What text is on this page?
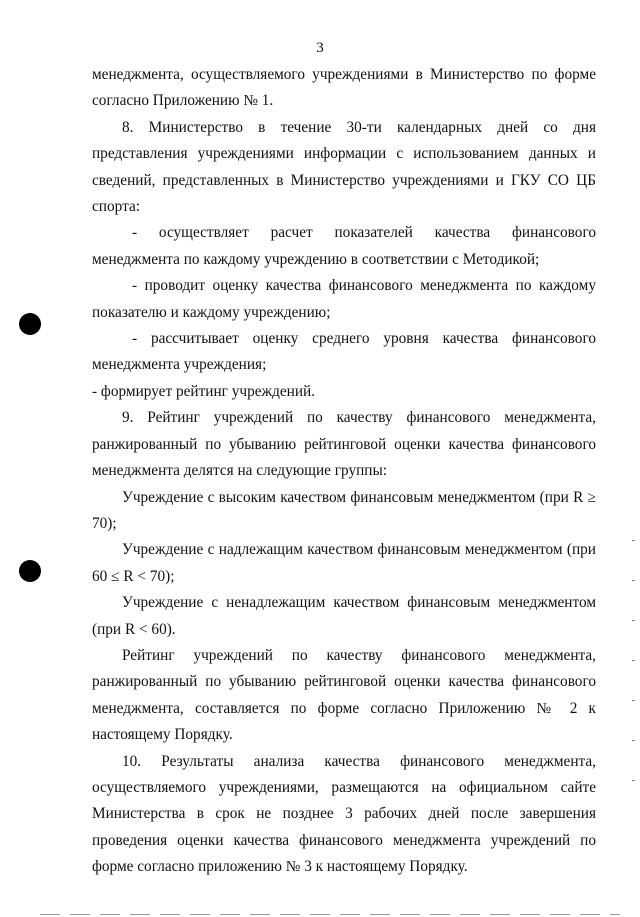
3

менеджмента, осуществляемого учреждениями в Министерство по форме согласно Приложению № 1.

8. Министерство в течение 30-ти календарных дней со дня представления учреждениями информации с использованием данных и сведений, представленных в Министерство учреждениями и ГКУ СО ЦБ спорта:

- осуществляет расчет показателей качества финансового менеджмента по каждому учреждению в соответствии с Методикой;

- проводит оценку качества финансового менеджмента по каждому показателю и каждому учреждению;

- рассчитывает оценку среднего уровня качества финансового менеджмента учреждения;

- формирует рейтинг учреждений.

9. Рейтинг учреждений по качеству финансового менеджмента, ранжированный по убыванию рейтинговой оценки качества финансового менеджмента делятся на следующие группы:

Учреждение с высоким качеством финансовым менеджментом (при R ≥ 70);

Учреждение с надлежащим качеством финансовым менеджментом (при 60 ≤ R < 70);

Учреждение с ненадлежащим качеством финансовым менеджментом (при R < 60).

Рейтинг учреждений по качеству финансового менеджмента, ранжированный по убыванию рейтинговой оценки качества финансового менеджмента, составляется по форме согласно Приложению № 2 к настоящему Порядку.

10. Результаты анализа качества финансового менеджмента, осуществляемого учреждениями, размещаются на официальном сайте Министерства в срок не позднее 3 рабочих дней после завершения проведения оценки качества финансового менеджмента учреждений по форме согласно приложению № 3 к настоящему Порядку.
